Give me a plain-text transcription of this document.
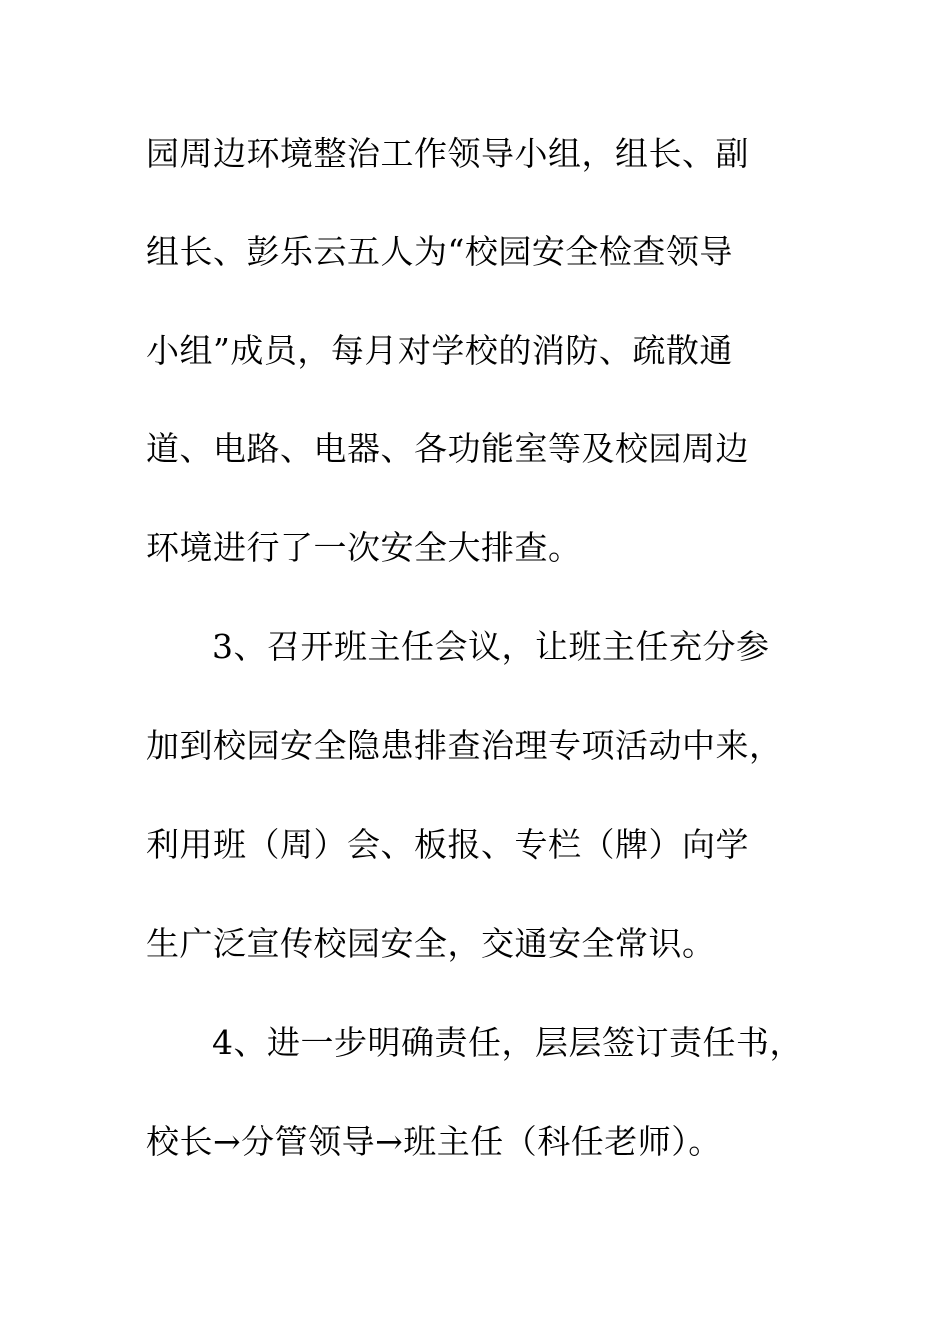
园周边环境整治工作领导小组，组长、副
组长、彭乐云五人为“校园安全检查领导
小组”成员，每月对学校的消防、疏散通
道、电路、电器、各功能室等及校园周边
环境进行了一次安全大排查。
3、召开班主任会议，让班主任充分参
加到校园安全隐患排查治理专项活动中来，
利用班（周）会、板报、专栏（牌）向学
生广泛宣传校园安全，交通安全常识。
4、进一步明确责任，层层签订责任书，
校长→分管领导→班主任（科任老师）。
